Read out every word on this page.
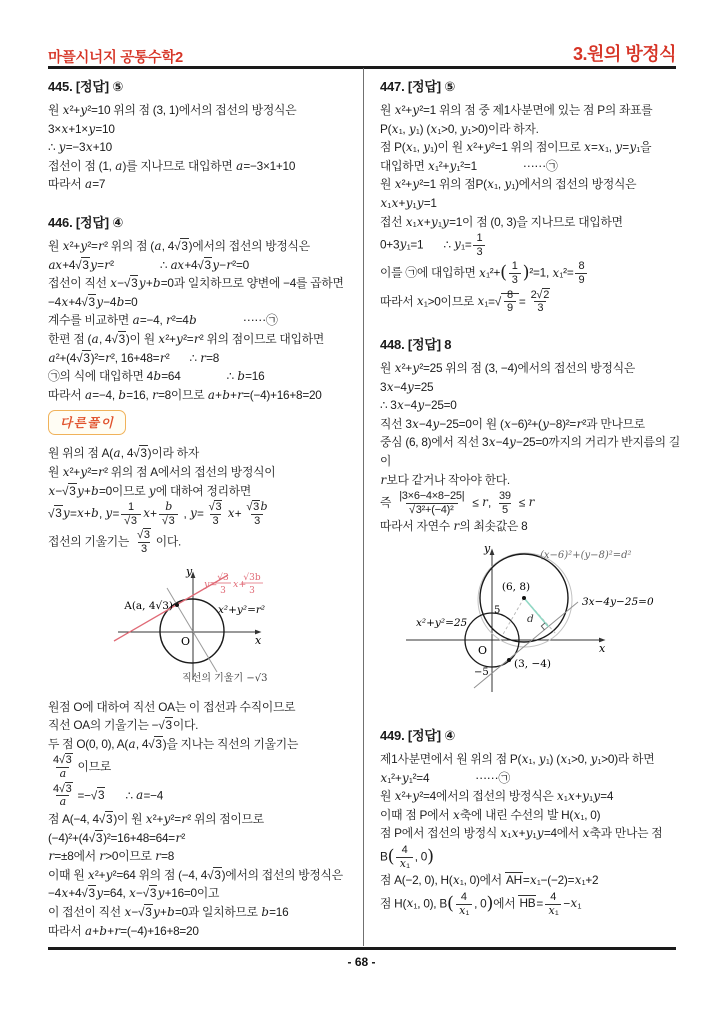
마플시너지 공통수학2	3.원의 방정식
445. [정답] ⑤
원 x²+y²=10 위의 점 (3, 1)에서의 접선의 방정식은
3×x+1×y=10
∴ y=−3x+10
접선이 점 (1, a)를 지나므로 대입하면 a=−3×1+10
따라서 a=7
446. [정답] ④
원 x²+y²=r² 위의 점 (a, 4√3)에서의 접선의 방정식은
ax+4√3 y=r²	∴ ax+4√3 y−r²=0
접선이 직선 x−√3 y+b=0과 일치하므로 양변에 −4를 곱하면
−4x+4√3 y−4b=0
계수를 비교하면 a=−4, r²=4b	⋯⋯㉠
한편 점 (a, 4√3)이 원 x²+y²=r² 위의 점이므로 대입하면
a²+(4√3)²=r², 16+48=r² ∴ r=8
㉠의 식에 대입하면 4b=64	∴ b=16
따라서 a=−4, b=16, r=8이므로 a+b+r=(−4)+16+8=20
다른풀이
원 위의 점 A(a, 4√3)이라 하자
원 x²+y²=r² 위의 점 A에서의 접선의 방정식이
x−√3 y+b=0이므로 y에 대하여 정리하면
√3 y=x+b, $y= \frac{1}{√3} x+ \frac{b}{√3}$ , $y= \frac{√3}{3} x+ \frac{√3 b}{3}$
접선의 기울기는 $\frac{√3}{3}$ 이다.
y
x
O
A(a, 4√3)	x²+y²=r²
y=
√3
3
x+
√3b
3
직선의 기울기 −√3
원점 O에 대하여 직선 OA는 이 접선과 수직이므로
직선 OA의 기울기는 −√3이다.
두 점 O(0, 0), A(a, 4√3)을 지나는 직선의 기울기는
$\frac{4√3}{a}$ 이므로
$\frac{4√3}{a} =-√3$ ∴ a=−4
점 A(−4, 4√3)이 원 x²+y²=r² 위의 점이므로
(−4)²+(4√3)²=16+48=64=r²
r=±8에서 r>0이므로 r=8
이때 원 x²+y²=64 위의 점 (−4, 4√3)에서의 접선의 방정식은
−4x+4√3 y=64, x−√3 y+16=0이고
이 접선이 직선 x−√3 y+b=0과 일치하므로 b=16
따라서 a+b+r=(−4)+16+8=20
447. [정답] ⑤
원 x²+y²=1 위의 점 중 제1사분면에 있는 점 P의 좌표를
P(x₁, y₁) (x₁>0, y₁>0)이라 하자.
점 P(x₁, y₁)이 원 x²+y²=1 위의 점이므로 x=x₁, y=y₁을
대입하면 x₁²+y₁²=1	⋯⋯㉠
원 x²+y²=1 위의 점P(x₁, y₁)에서의 접선의 방정식은
x₁x+y₁y=1
접선 x₁x+y₁y=1이 점 (0, 3)을 지나므로 대입하면
0+3y₁=1 ∴ $y_1= \frac{1}{3}$
이를 ㉠에 대입하면 $x_1^2+( \frac{1}{3} )^2=1$, $x_1^2= \frac{8}{9}$
따라서 x₁>0이므로 $x_1=√ \frac{8}{9} = \frac{2√2}{3}$
448. [정답] 8
원 x²+y²=25 위의 점 (3, −4)에서의 접선의 방정식은
3x−4y=25
∴ 3x−4y−25=0
직선 3x−4y−25=0이 원 (x−6)²+(y−8)²=r²과 만나므로
중심 (6, 8)에서 직선 3x−4y−25=0까지의 거리가 반지름의 길이
r보다 같거나 작아야 한다.
즉 $\frac{|3\times 6-4\times 8-25|}{\text{√3²+(−4)²}} \le r$, $\frac{39}{5} \le r$
따라서 자연수 r의 최솟값은 8
y
x
O
(6, 8)
(x−6)²+(y−8)²=d²
3x−4y−25=0
x²+y²=25
5
−5
d
(3, −4)
449. [정답] ④
제1사분면에서 원 위의 점 P(x₁, y₁) (x₁>0, y₁>0)라 하면
x₁²+y₁²=4	⋯⋯㉠
원 x²+y²=4에서의 접선의 방정식은 x₁x+y₁y=4
이때 점 P에서 x축에 내린 수선의 발 H(x₁, 0)
점 P에서 접선의 방정식 x₁x+y₁y=4에서 x축과 만나는 점
$B( \frac{4}{\text{x₁}}$ , 0)
점 A(−2, 0), H(x₁, 0)에서 AH=x₁−(−2)=x₁+2
점 H(x₁, 0), $B( \frac{4}{\text{x₁}}$ , 0)에서 $HB= \frac{4}{\text{x₁}} -x_1$
- 68 -
